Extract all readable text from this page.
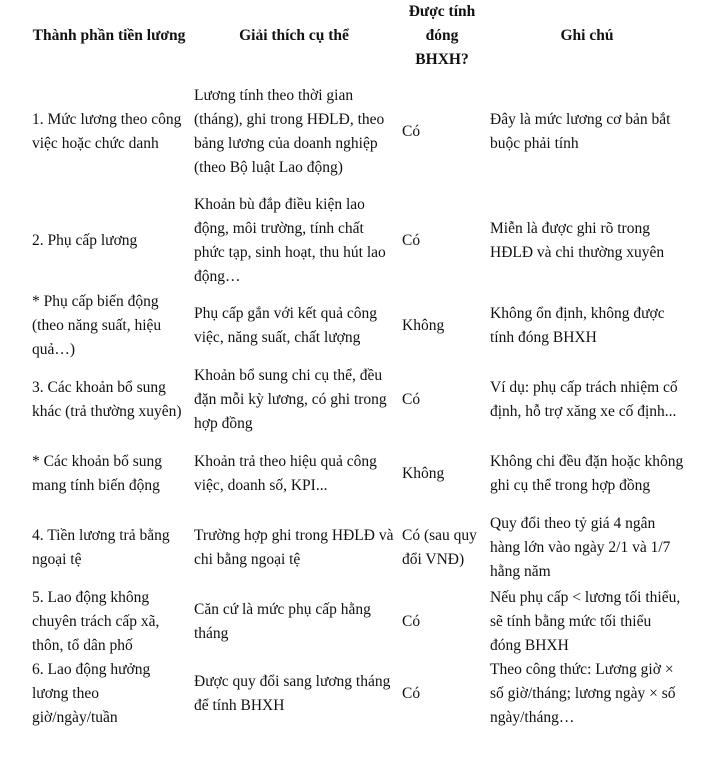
Thành phần tiền lương	Giải thích cụ thể	Được tính đóng BHXH?	Ghi chú
1. Mức lương theo công việc hoặc chức danh	Lương tính theo thời gian (tháng), ghi trong HĐLĐ, theo bảng lương của doanh nghiệp (theo Bộ luật Lao động)	Có	Đây là mức lương cơ bản bắt buộc phải tính
2. Phụ cấp lương	Khoản bù đắp điều kiện lao động, môi trường, tính chất phức tạp, sinh hoạt, thu hút lao động…	Có	Miễn là được ghi rõ trong HĐLĐ và chi thường xuyên
* Phụ cấp biến động (theo năng suất, hiệu quả…)	Phụ cấp gắn với kết quả công việc, năng suất, chất lượng	Không	Không ổn định, không được tính đóng BHXH
3. Các khoản bổ sung khác (trả thường xuyên)	Khoản bổ sung chi cụ thể, đều đặn mỗi kỳ lương, có ghi trong hợp đồng	Có	Ví dụ: phụ cấp trách nhiệm cố định, hỗ trợ xăng xe cố định...
* Các khoản bổ sung mang tính biến động	Khoản trả theo hiệu quả công việc, doanh số, KPI...	Không	Không chi đều đặn hoặc không ghi cụ thể trong hợp đồng
4. Tiền lương trả bằng ngoại tệ	Trường hợp ghi trong HĐLĐ và chi bằng ngoại tệ	Có (sau quy đổi VNĐ)	Quy đổi theo tỷ giá 4 ngân hàng lớn vào ngày 2/1 và 1/7 hằng năm
5. Lao động không chuyên trách cấp xã, thôn, tổ dân phố	Căn cứ là mức phụ cấp hằng tháng	Có	Nếu phụ cấp < lương tối thiểu, sẽ tính bằng mức tối thiểu đóng BHXH
6. Lao động hưởng lương theo giờ/ngày/tuần	Được quy đổi sang lương tháng để tính BHXH	Có	Theo công thức: Lương giờ × số giờ/tháng; lương ngày × số ngày/tháng…
